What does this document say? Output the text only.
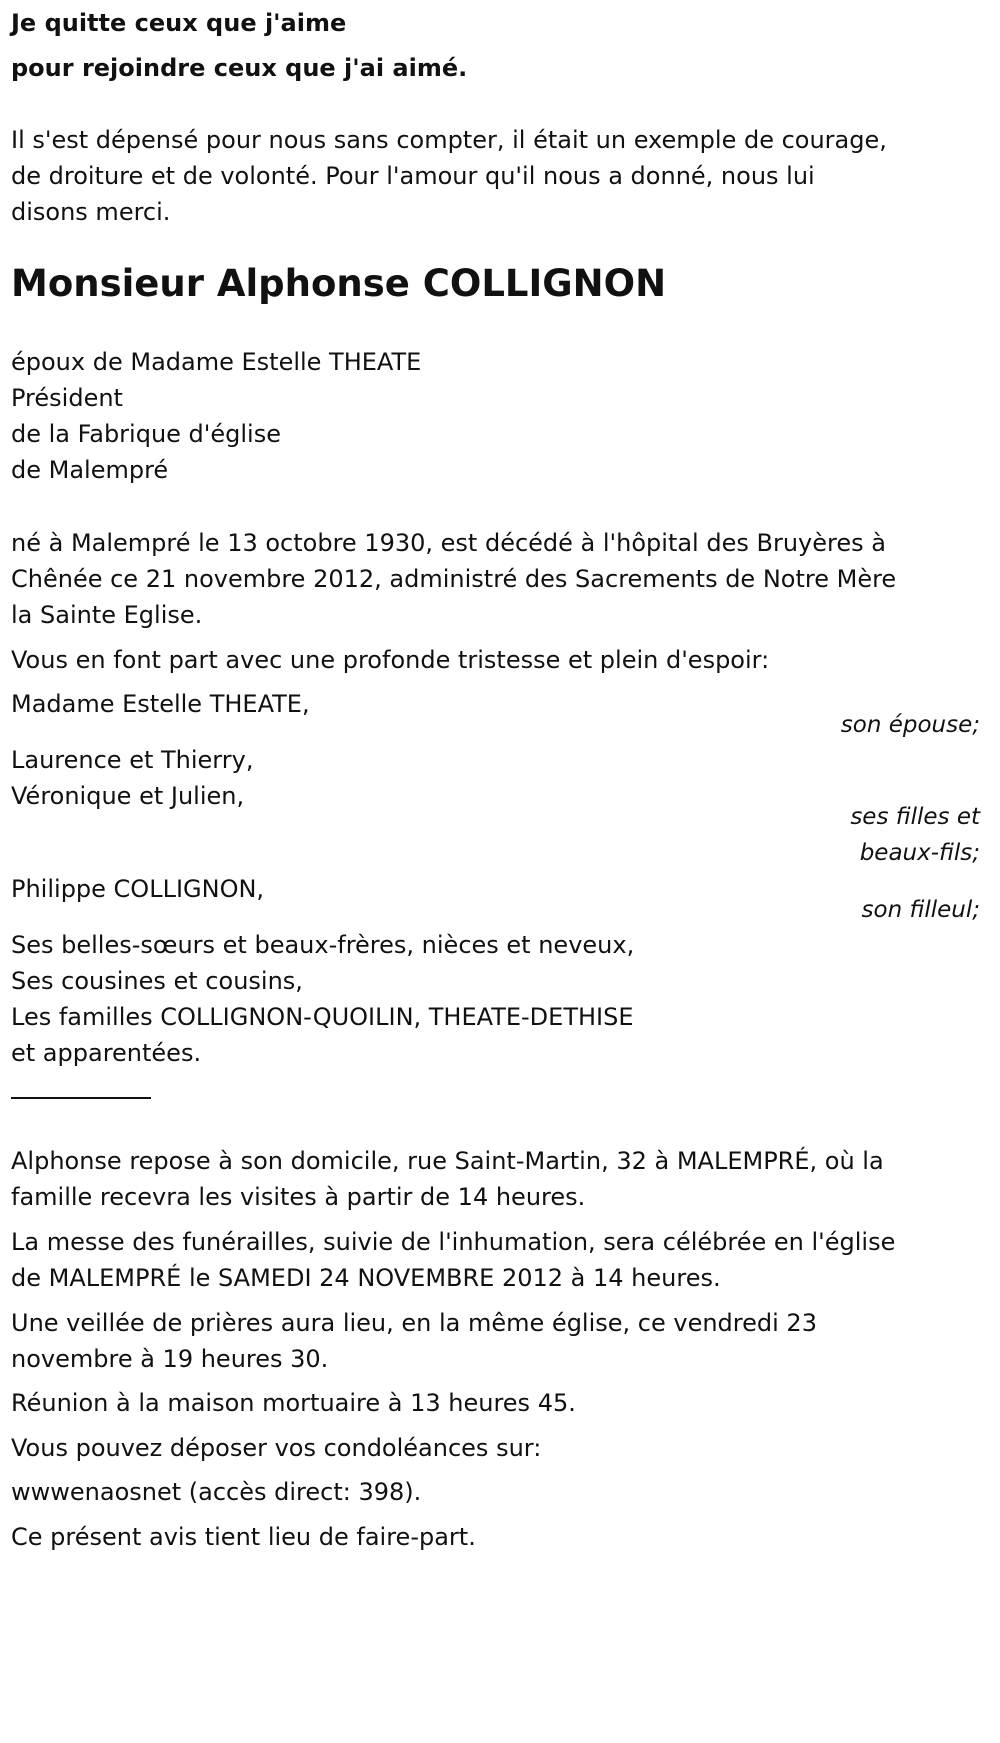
Je quitte ceux que j'aime
pour rejoindre ceux que j'ai aimé.
Il s'est dépensé pour nous sans compter, il était un exemple de courage,
de droiture et de volonté. Pour l'amour qu'il nous a donné, nous lui
disons merci.
Monsieur Alphonse COLLIGNON
époux de Madame Estelle THEATE
Président
de la Fabrique d'église
de Malempré
né à Malempré le 13 octobre 1930, est décédé à l'hôpital des Bruyères à
Chênée ce 21 novembre 2012, administré des Sacrements de Notre Mère
la Sainte Eglise.
Vous en font part avec une profonde tristesse et plein d'espoir:
Madame Estelle THEATE,
son épouse;
Laurence et Thierry,
Véronique et Julien,
ses filles et
beaux-fils;
Philippe COLLIGNON,
son filleul;
Ses belles-sœurs et beaux-frères, nièces et neveux,
Ses cousines et cousins,
Les familles COLLIGNON-QUOILIN, THEATE-DETHISE
et apparentées.
Alphonse repose à son domicile, rue Saint-Martin, 32 à MALEMPRÉ, où la
famille recevra les visites à partir de 14 heures.
La messe des funérailles, suivie de l'inhumation, sera célébrée en l'église
de MALEMPRÉ le SAMEDI 24 NOVEMBRE 2012 à 14 heures.
Une veillée de prières aura lieu, en la même église, ce vendredi 23
novembre à 19 heures 30.
Réunion à la maison mortuaire à 13 heures 45.
Vous pouvez déposer vos condoléances sur:
wwwenaosnet (accès direct: 398).
Ce présent avis tient lieu de faire-part.
